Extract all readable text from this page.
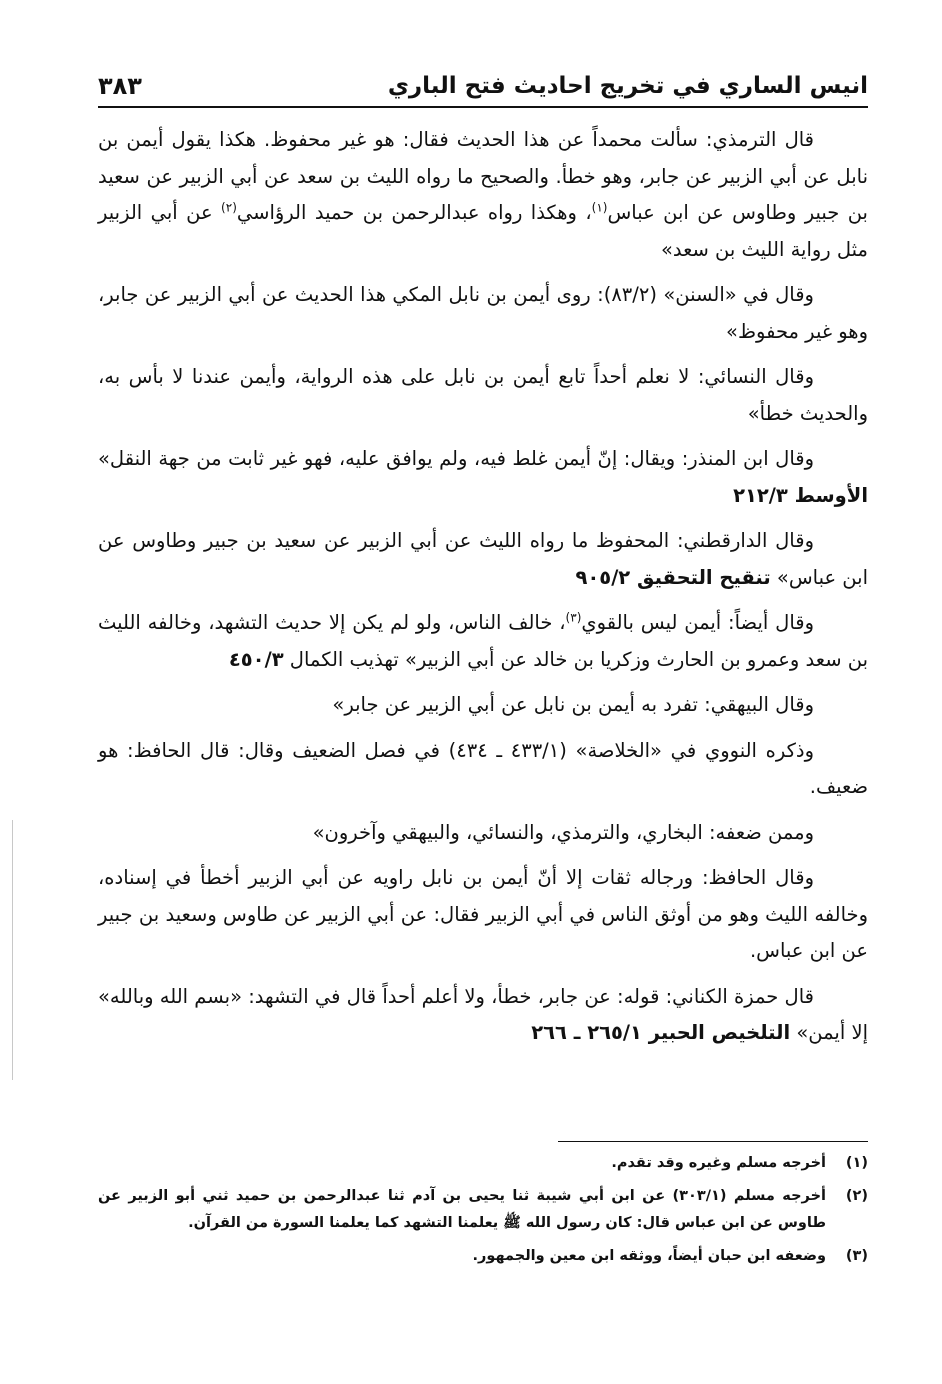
انيس الساري في تخريج احاديث فتح الباري
٣٨٣

قال الترمذي: سألت محمداً عن هذا الحديث فقال: هو غير محفوظ. هكذا يقول أيمن بن نابل عن أبي الزبير عن جابر، وهو خطأ. والصحيح ما رواه الليث بن سعد عن أبي الزبير عن سعيد بن جبير وطاوس عن ابن عباس$^{(١)}$، وهكذا رواه عبدالرحمن بن حميد الرؤاسي$^{(٢)}$ عن أبي الزبير مثل رواية الليث بن سعد»

وقال في «السنن» (٨٣/٢): روى أيمن بن نابل المكي هذا الحديث عن أبي الزبير عن جابر، وهو غير محفوظ»

وقال النسائي: لا نعلم أحداً تابع أيمن بن نابل على هذه الرواية، وأيمن عندنا لا بأس به، والحديث خطأ»

وقال ابن المنذر: ويقال: إنّ أيمن غلط فيه، ولم يوافق عليه، فهو غير ثابت من جهة النقل» الأوسط ٢١٢/٣

وقال الدارقطني: المحفوظ ما رواه الليث عن أبي الزبير عن سعيد بن جبير وطاوس عن ابن عباس» تنقيح التحقيق ٩٠٥/٢

وقال أيضاً: أيمن ليس بالقوي$^{(٣)}$، خالف الناس، ولو لم يكن إلا حديث التشهد، وخالفه الليث بن سعد وعمرو بن الحارث وزكريا بن خالد عن أبي الزبير» تهذيب الكمال ٤٥٠/٣

وقال البيهقي: تفرد به أيمن بن نابل عن أبي الزبير عن جابر»

وذكره النووي في «الخلاصة» (٤٣٣/١ ـ ٤٣٤) في فصل الضعيف وقال: قال الحافظ: هو ضعيف.

وممن ضعفه: البخاري، والترمذي، والنسائي، والبيهقي وآخرون»

وقال الحافظ: ورجاله ثقات إلا أنّ أيمن بن نابل راويه عن أبي الزبير أخطأ في إسناده، وخالفه الليث وهو من أوثق الناس في أبي الزبير فقال: عن أبي الزبير عن طاوس وسعيد بن جبير عن ابن عباس.

قال حمزة الكناني: قوله: عن جابر، خطأ، ولا أعلم أحداً قال في التشهد: «بسم الله وبالله» إلا أيمن» التلخيص الحبير ٢٦٥/١ ـ ٢٦٦

(١)
أخرجه مسلم وغيره وقد تقدم.
(٢)
أخرجه مسلم (٣٠٣/١) عن ابن أبي شيبة ثنا يحيى بن آدم ثنا عبدالرحمن بن حميد ثني أبو الزبير عن طاوس عن ابن عباس قال: كان رسول الله ﷺ يعلمنا التشهد كما يعلمنا السورة من القرآن.
(٣)
وضعفه ابن حبان أيضاً، ووثقه ابن معين والجمهور.
